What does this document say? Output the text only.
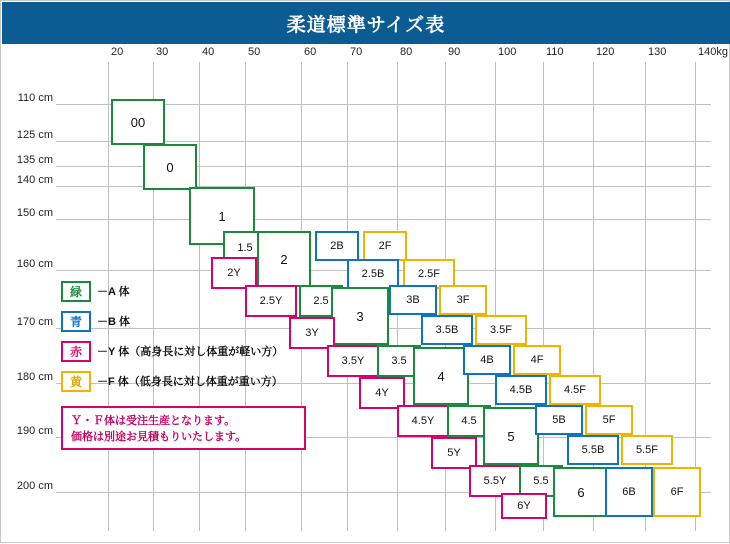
柔道標準サイズ表
20	30	40	50	60	70	80	90	100	110	120	130	140kg
110 cm
125 cm
135 cm
140 cm
150 cm
160 cm
170 cm
180 cm
190 cm
200 cm
00
0
1
1.5
2
2Y
2B	2F
2.5B	2.5F
2.5Y	2.5
3
3B	3F
3.5B	3.5F
3Y
3.5Y	3.5
4
4B	4F
4.5B	4.5F
4Y
4.5Y	4.5
5
5B	5F
5.5B	5.5F
5Y
5.5Y	5.5
6	6B	6F
6Y
緑	－A 体
青	－B 体
赤	－Y 体（高身長に対し体重が軽い方）
黄	－F 体（低身長に対し体重が重い方）
Ｙ・Ｆ体は受注生産となります。
価格は別途お見積もりいたします。
